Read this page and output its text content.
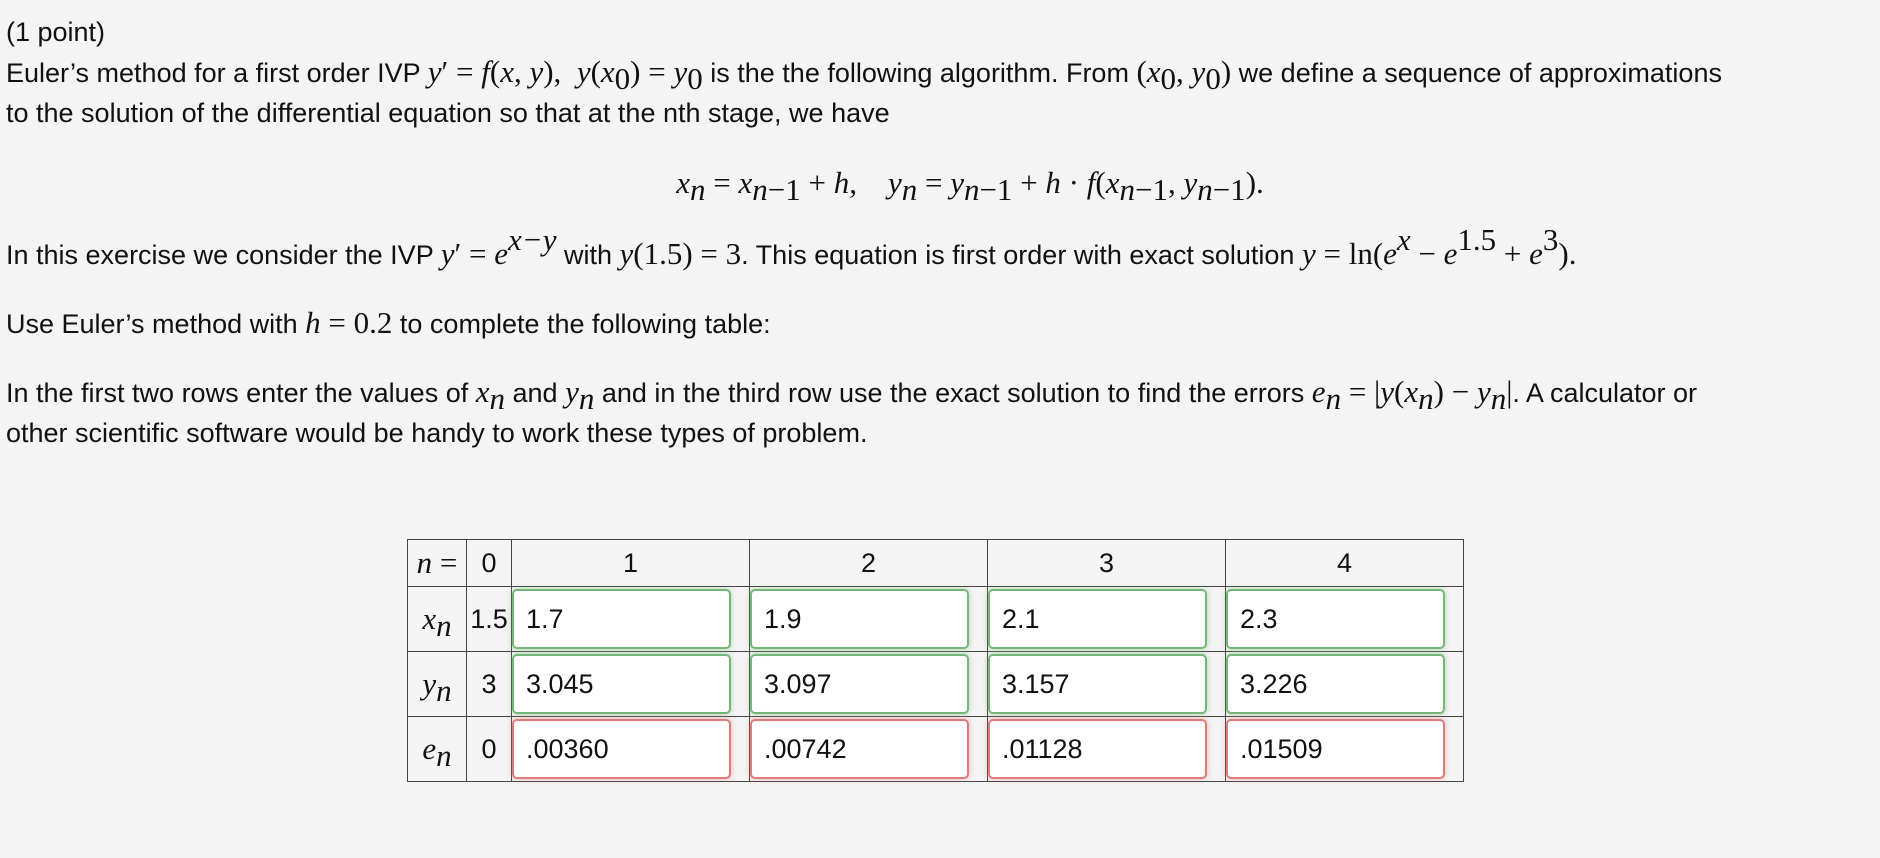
(1 point)
Euler’s method for a first order IVP y′ = f(x, y),  $y(x_0) = y_0$ is the the following algorithm. From ($x_0$, $y_0$) we define a sequence of approximations
to the solution of the differential equation so that at the nth stage, we have
$x_n = x_{n-1} + h$,    $y_n = y_{n-1} + h \cdot f(x_{n-1}$, $y_{n-1}$).
In this exercise we consider the IVP $y' = e^{x-y}$ with y(1.5) = 3. This equation is first order with exact solution $y = \ln(e^x - e^{1.5} + e^3)$.
Use Euler’s method with h = 0.2 to complete the following table:
In the first two rows enter the values of $x_n$ and $y_n$ and in the third row use the exact solution to find the errors $e_n = |y(x_n) - y_n|$. A calculator or
other scientific software would be handy to work these types of problem.
n =	0	1	2	3	4
$x_n$	1.5	1.7	1.9	2.1	2.3
$y_n$	3	3.045	3.097	3.157	3.226
$e_n$	0	.00360	.00742	.01128	.01509
